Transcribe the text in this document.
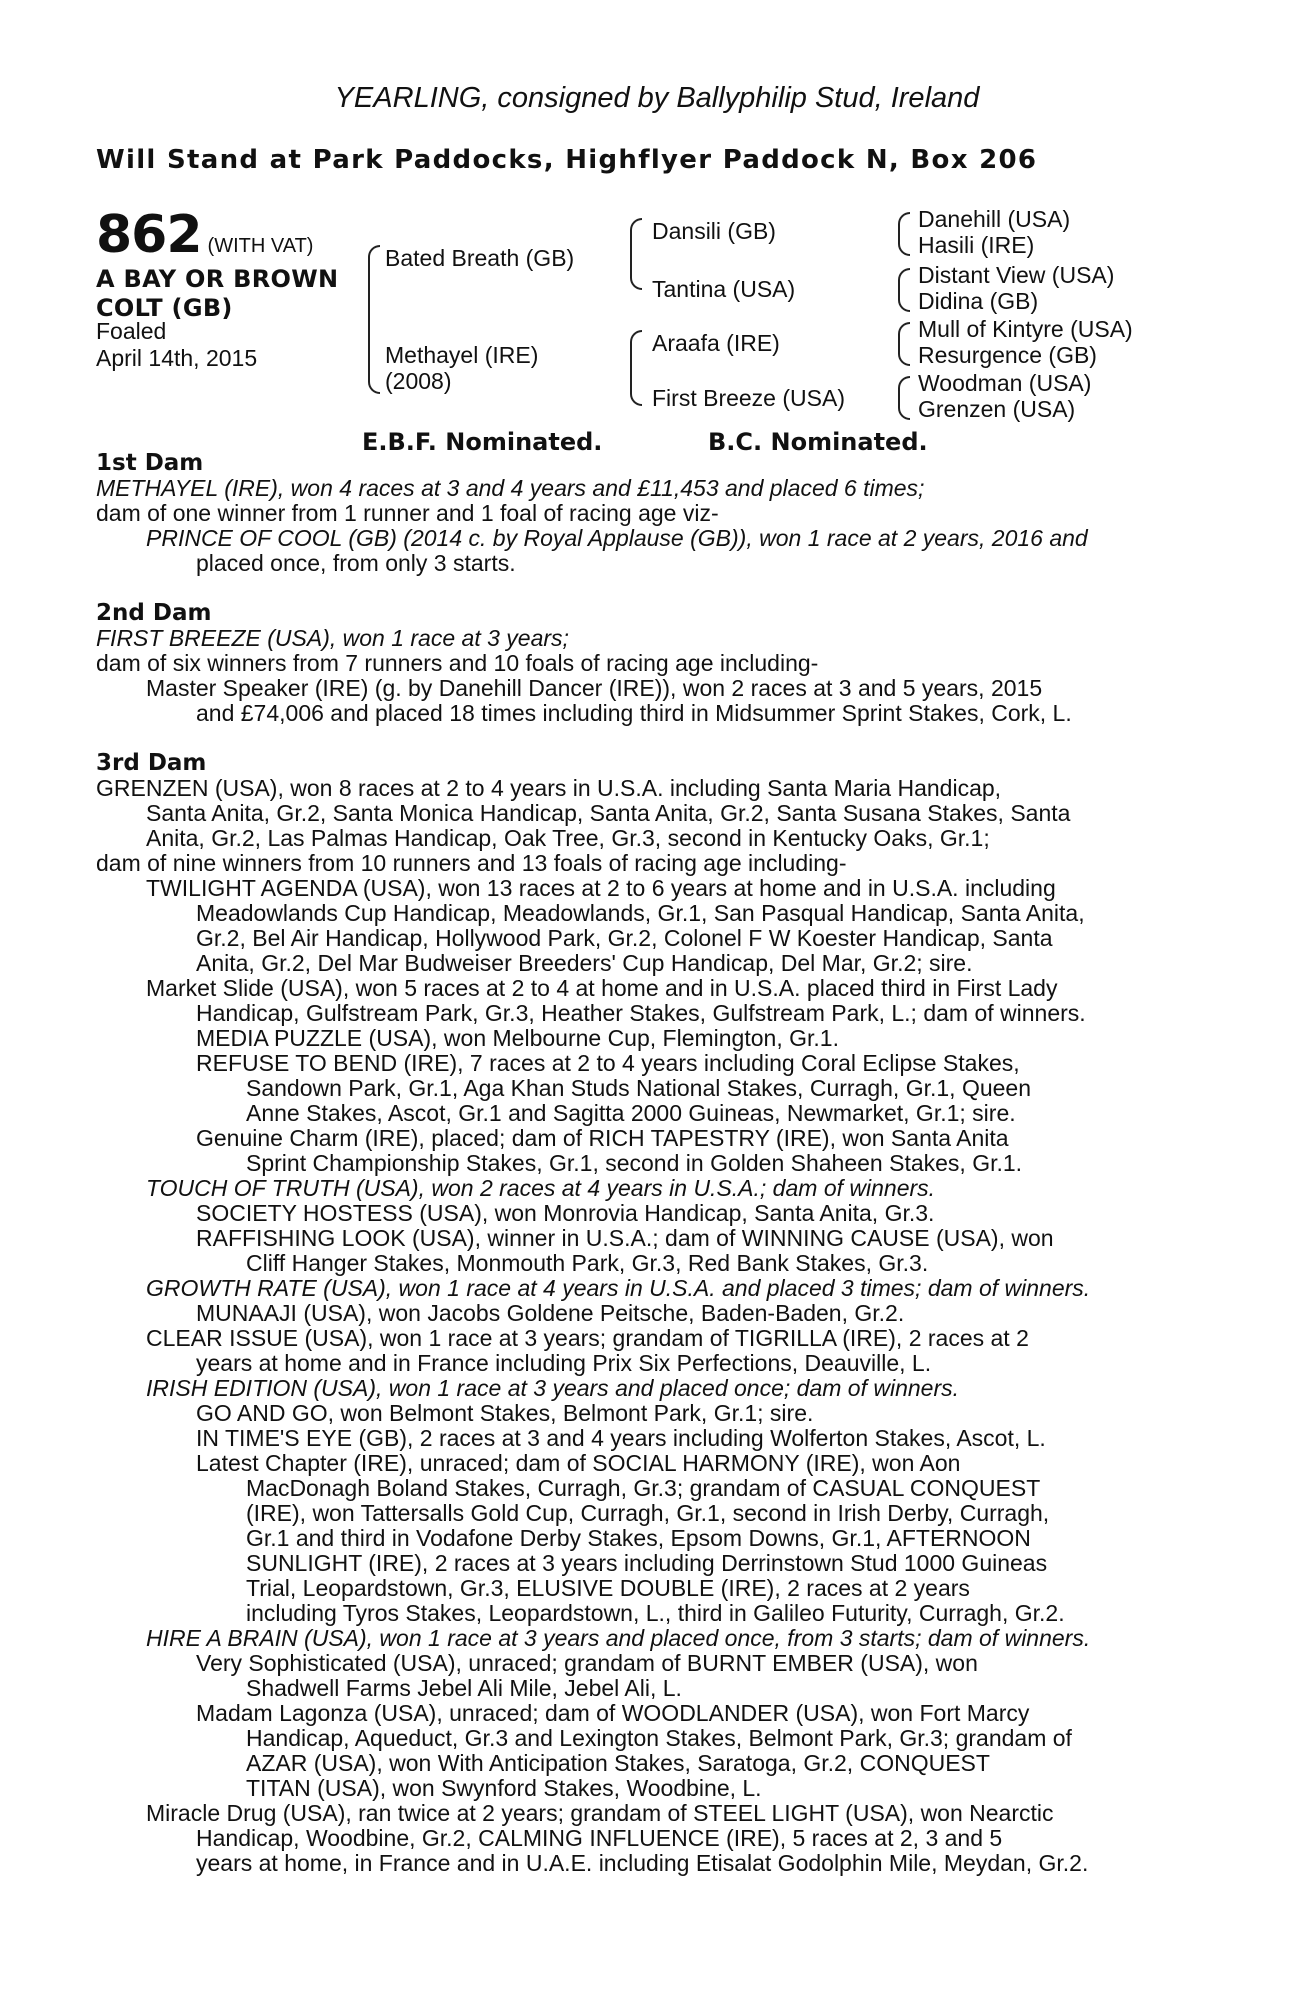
YEARLING, consigned by Ballyphilip Stud, Ireland
Will Stand at Park Paddocks, Highflyer Paddock N, Box 206
862 (WITH VAT)
A BAY OR BROWN
COLT (GB)
Foaled
April 14th, 2015
Bated Breath (GB)
Methayel (IRE)
(2008)
Dansili (GB)
Tantina (USA)
Araafa (IRE)
First Breeze (USA)
Danehill (USA)
Hasili (IRE)
Distant View (USA)
Didina (GB)
Mull of Kintyre (USA)
Resurgence (GB)
Woodman (USA)
Grenzen (USA)
E.B.F. Nominated.	B.C. Nominated.
1st Dam
METHAYEL (IRE), won 4 races at 3 and 4 years and £11,453 and placed 6 times;
dam of one winner from 1 runner and 1 foal of racing age viz-
PRINCE OF COOL (GB) (2014 c. by Royal Applause (GB)), won 1 race at 2 years, 2016 and
placed once, from only 3 starts.
2nd Dam
FIRST BREEZE (USA), won 1 race at 3 years;
dam of six winners from 7 runners and 10 foals of racing age including-
Master Speaker (IRE) (g. by Danehill Dancer (IRE)), won 2 races at 3 and 5 years, 2015
and £74,006 and placed 18 times including third in Midsummer Sprint Stakes, Cork, L.
3rd Dam
GRENZEN (USA), won 8 races at 2 to 4 years in U.S.A. including Santa Maria Handicap,
Santa Anita, Gr.2, Santa Monica Handicap, Santa Anita, Gr.2, Santa Susana Stakes, Santa
Anita, Gr.2, Las Palmas Handicap, Oak Tree, Gr.3, second in Kentucky Oaks, Gr.1;
dam of nine winners from 10 runners and 13 foals of racing age including-
TWILIGHT AGENDA (USA), won 13 races at 2 to 6 years at home and in U.S.A. including
Meadowlands Cup Handicap, Meadowlands, Gr.1, San Pasqual Handicap, Santa Anita,
Gr.2, Bel Air Handicap, Hollywood Park, Gr.2, Colonel F W Koester Handicap, Santa
Anita, Gr.2, Del Mar Budweiser Breeders' Cup Handicap, Del Mar, Gr.2; sire.
Market Slide (USA), won 5 races at 2 to 4 at home and in U.S.A. placed third in First Lady
Handicap, Gulfstream Park, Gr.3, Heather Stakes, Gulfstream Park, L.; dam of winners.
MEDIA PUZZLE (USA), won Melbourne Cup, Flemington, Gr.1.
REFUSE TO BEND (IRE), 7 races at 2 to 4 years including Coral Eclipse Stakes,
Sandown Park, Gr.1, Aga Khan Studs National Stakes, Curragh, Gr.1, Queen
Anne Stakes, Ascot, Gr.1 and Sagitta 2000 Guineas, Newmarket, Gr.1; sire.
Genuine Charm (IRE), placed; dam of RICH TAPESTRY (IRE), won Santa Anita
Sprint Championship Stakes, Gr.1, second in Golden Shaheen Stakes, Gr.1.
TOUCH OF TRUTH (USA), won 2 races at 4 years in U.S.A.; dam of winners.
SOCIETY HOSTESS (USA), won Monrovia Handicap, Santa Anita, Gr.3.
RAFFISHING LOOK (USA), winner in U.S.A.; dam of WINNING CAUSE (USA), won
Cliff Hanger Stakes, Monmouth Park, Gr.3, Red Bank Stakes, Gr.3.
GROWTH RATE (USA), won 1 race at 4 years in U.S.A. and placed 3 times; dam of winners.
MUNAAJI (USA), won Jacobs Goldene Peitsche, Baden-Baden, Gr.2.
CLEAR ISSUE (USA), won 1 race at 3 years; grandam of TIGRILLA (IRE), 2 races at 2
years at home and in France including Prix Six Perfections, Deauville, L.
IRISH EDITION (USA), won 1 race at 3 years and placed once; dam of winners.
GO AND GO, won Belmont Stakes, Belmont Park, Gr.1; sire.
IN TIME'S EYE (GB), 2 races at 3 and 4 years including Wolferton Stakes, Ascot, L.
Latest Chapter (IRE), unraced; dam of SOCIAL HARMONY (IRE), won Aon
MacDonagh Boland Stakes, Curragh, Gr.3; grandam of CASUAL CONQUEST
(IRE), won Tattersalls Gold Cup, Curragh, Gr.1, second in Irish Derby, Curragh,
Gr.1 and third in Vodafone Derby Stakes, Epsom Downs, Gr.1, AFTERNOON
SUNLIGHT (IRE), 2 races at 3 years including Derrinstown Stud 1000 Guineas
Trial, Leopardstown, Gr.3, ELUSIVE DOUBLE (IRE), 2 races at 2 years
including Tyros Stakes, Leopardstown, L., third in Galileo Futurity, Curragh, Gr.2.
HIRE A BRAIN (USA), won 1 race at 3 years and placed once, from 3 starts; dam of winners.
Very Sophisticated (USA), unraced; grandam of BURNT EMBER (USA), won
Shadwell Farms Jebel Ali Mile, Jebel Ali, L.
Madam Lagonza (USA), unraced; dam of WOODLANDER (USA), won Fort Marcy
Handicap, Aqueduct, Gr.3 and Lexington Stakes, Belmont Park, Gr.3; grandam of
AZAR (USA), won With Anticipation Stakes, Saratoga, Gr.2, CONQUEST
TITAN (USA), won Swynford Stakes, Woodbine, L.
Miracle Drug (USA), ran twice at 2 years; grandam of STEEL LIGHT (USA), won Nearctic
Handicap, Woodbine, Gr.2, CALMING INFLUENCE (IRE), 5 races at 2, 3 and 5
years at home, in France and in U.A.E. including Etisalat Godolphin Mile, Meydan, Gr.2.
